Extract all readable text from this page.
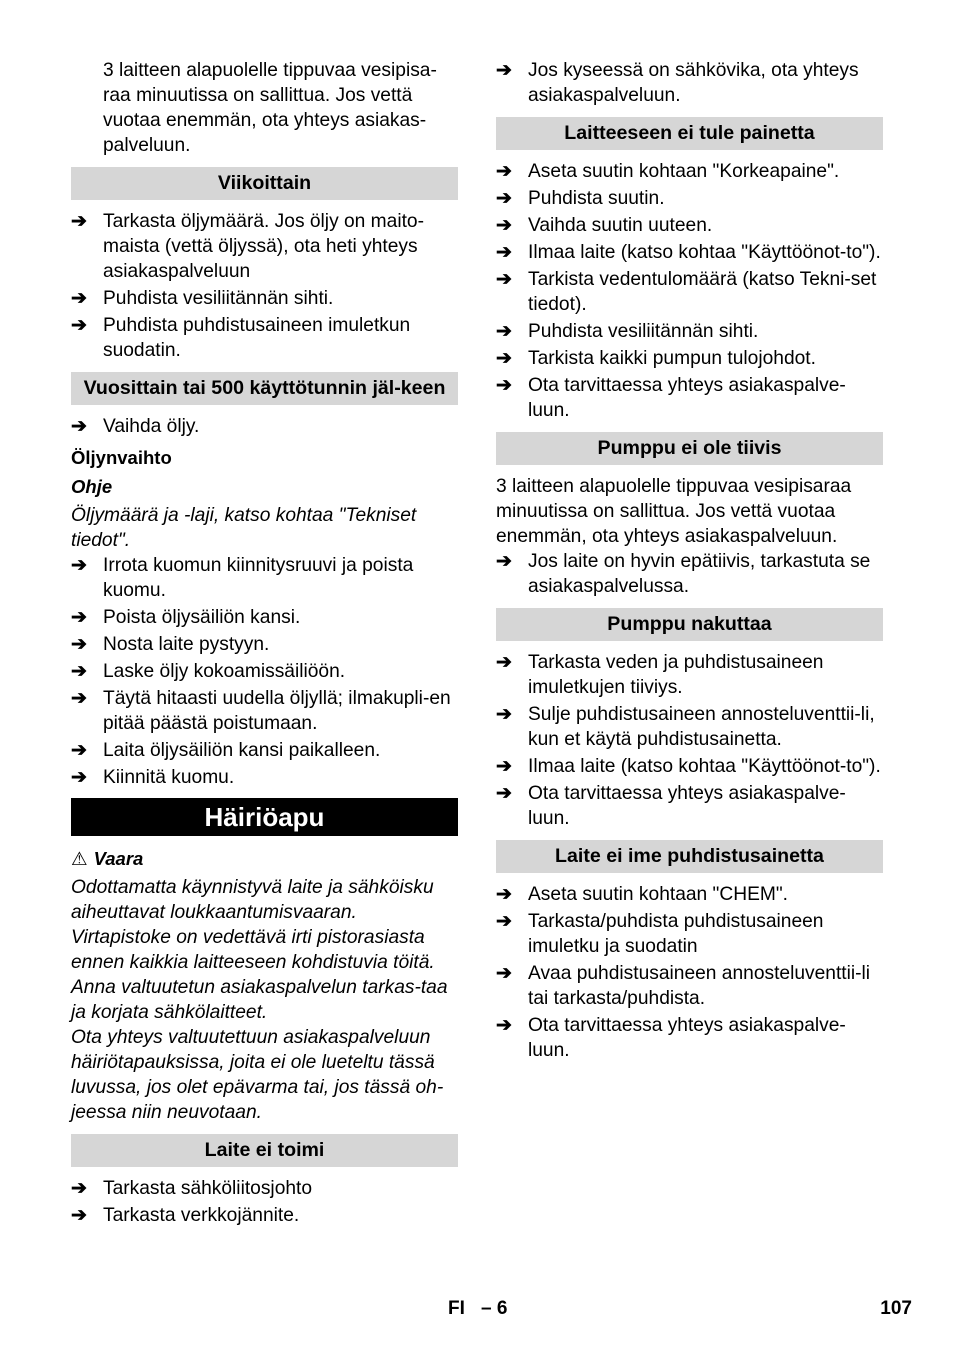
3 laitteen alapuolelle tippuvaa vesipisa-raa minuutissa on sallittua. Jos vettä vuotaa enemmän, ota yhteys asiakas-palveluun.
Viikoittain
➔ Tarkasta öljymäärä. Jos öljy on maito-maista (vettä öljyssä), ota heti yhteys asiakaspalveluun
➔ Puhdista vesiliitännän sihti.
➔ Puhdista puhdistusaineen imuletkun suodatin.
Vuosittain tai 500 käyttötunnin jäl-keen
➔ Vaihda öljy.
Öljynvaihto
Ohje
Öljymäärä ja -laji, katso kohtaa "Tekniset tiedot".
➔ Irrota kuomun kiinnitysruuvi ja poista kuomu.
➔ Poista öljysäiliön kansi.
➔ Nosta laite pystyyn.
➔ Laske öljy kokoamissäiliöön.
➔ Täytä hitaasti uudella öljyllä; ilmakupli-en pitää päästä poistumaan.
➔ Laita öljysäiliön kansi paikalleen.
➔ Kiinnitä kuomu.
Häiriöapu
⚠ Vaara
Odottamatta käynnistyvä laite ja sähköisku aiheuttavat loukkaantumisvaaran.
Virtapistoke on vedettävä irti pistorasiasta ennen kaikkia laitteeseen kohdistuvia töitä.
Anna valtuutetun asiakaspalvelun tarkas-taa ja korjata sähkölaitteet.
Ota yhteys valtuutettuun asiakaspalveluun häiriötapauksissa, joita ei ole lueteltu tässä luvussa, jos olet epävarma tai, jos tässä oh-jeessa niin neuvotaan.
Laite ei toimi
➔ Tarkasta sähköliitosjohto
➔ Tarkasta verkkojännite.
➔ Jos kyseessä on sähkövika, ota yhteys asiakaspalveluun.
Laitteeseen ei tule painetta
➔ Aseta suutin kohtaan "Korkeapaine".
➔ Puhdista suutin.
➔ Vaihda suutin uuteen.
➔ Ilmaa laite (katso kohtaa "Käyttöönot-to").
➔ Tarkista vedentulomäärä (katso Tekni-set tiedot).
➔ Puhdista vesiliitännän sihti.
➔ Tarkista kaikki pumpun tulojohdot.
➔ Ota tarvittaessa yhteys asiakaspalve-luun.
Pumppu ei ole tiivis
3 laitteen alapuolelle tippuvaa vesipisaraa minuutissa on sallittua. Jos vettä vuotaa enemmän, ota yhteys asiakaspalveluun.
➔ Jos laite on hyvin epätiivis, tarkastuta se asiakaspalvelussa.
Pumppu nakuttaa
➔ Tarkasta veden ja puhdistusaineen imuletkujen tiiviys.
➔ Sulje puhdistusaineen annosteluventtii-li, kun et käytä puhdistusainetta.
➔ Ilmaa laite (katso kohtaa "Käyttöönot-to").
➔ Ota tarvittaessa yhteys asiakaspalve-luun.
Laite ei ime puhdistusainetta
➔ Aseta suutin kohtaan "CHEM".
➔ Tarkasta/puhdista puhdistusaineen imuletku ja suodatin
➔ Avaa puhdistusaineen annosteluventtii-li tai tarkasta/puhdista.
➔ Ota tarvittaessa yhteys asiakaspalve-luun.
FI – 6	107
